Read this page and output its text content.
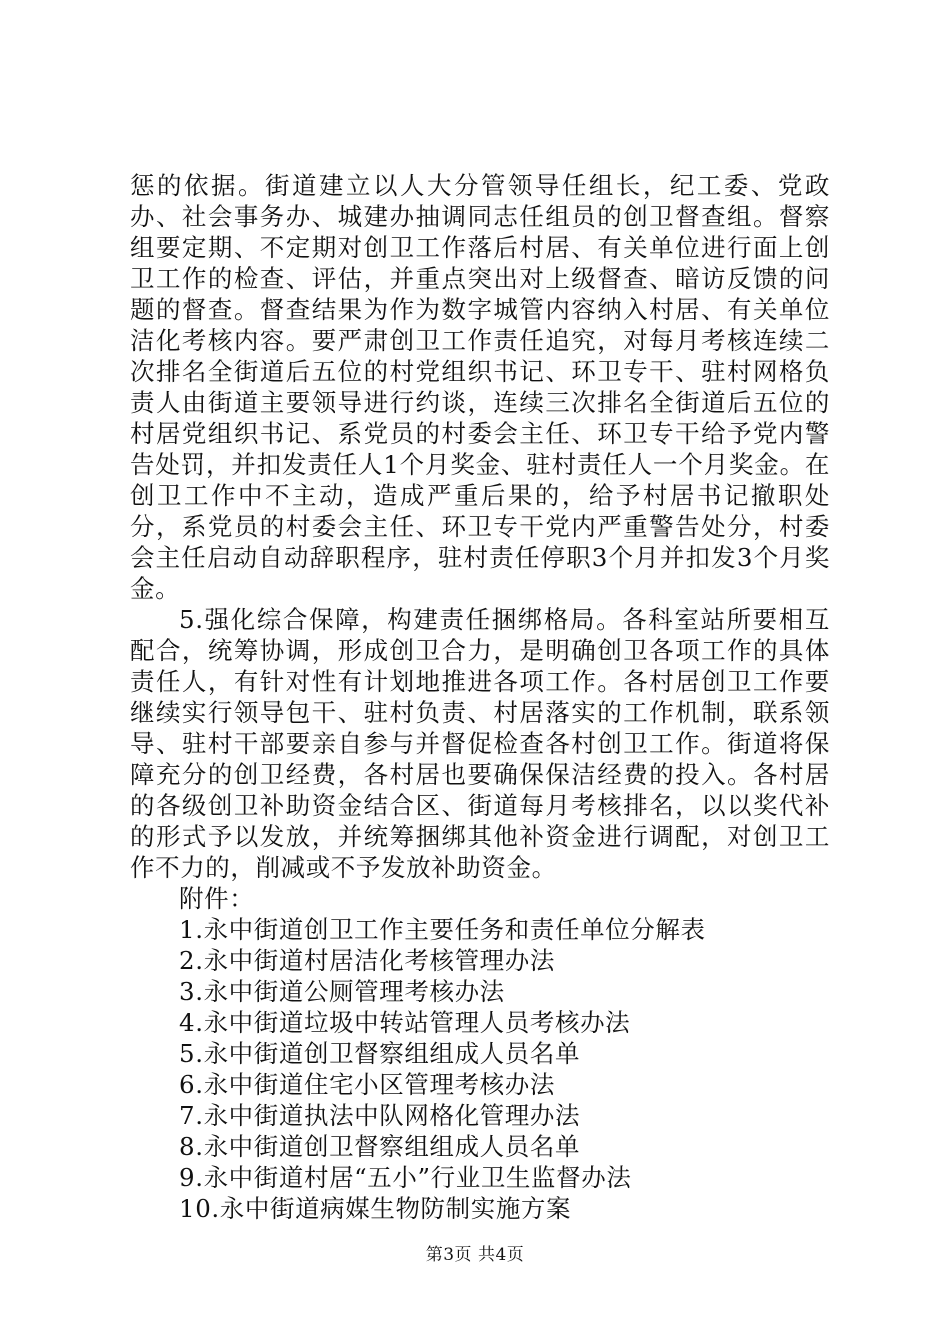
惩的依据。街道建立以人大分管领导任组长，纪工委、党政办、社会事务办、城建办抽调同志任组员的创卫督查组。督察组要定期、不定期对创卫工作落后村居、有关单位进行面上创卫工作的检查、评估，并重点突出对上级督查、暗访反馈的问题的督查。督查结果为作为数字城管内容纳入村居、有关单位洁化考核内容。要严肃创卫工作责任追究，对每月考核连续二次排名全街道后五位的村党组织书记、环卫专干、驻村网格负责人由街道主要领导进行约谈，连续三次排名全街道后五位的村居党组织书记、系党员的村委会主任、环卫专干给予党内警告处罚，并扣发责任人1个月奖金、驻村责任人一个月奖金。在创卫工作中不主动，造成严重后果的，给予村居书记撤职处分，系党员的村委会主任、环卫专干党内严重警告处分，村委会主任启动自动辞职程序，驻村责任停职3个月并扣发3个月奖金。

5.强化综合保障，构建责任捆绑格局。各科室站所要相互配合，统筹协调，形成创卫合力，是明确创卫各项工作的具体责任人，有针对性有计划地推进各项工作。各村居创卫工作要继续实行领导包干、驻村负责、村居落实的工作机制，联系领导、驻村干部要亲自参与并督促检查各村创卫工作。街道将保障充分的创卫经费，各村居也要确保保洁经费的投入。各村居的各级创卫补助资金结合区、街道每月考核排名，以以奖代补的形式予以发放，并统筹捆绑其他补资金进行调配，对创卫工作不力的，削减或不予发放补助资金。

附件：

1.永中街道创卫工作主要任务和责任单位分解表
2.永中街道村居洁化考核管理办法
3.永中街道公厕管理考核办法
4.永中街道垃圾中转站管理人员考核办法
5.永中街道创卫督察组组成人员名单
6.永中街道住宅小区管理考核办法
7.永中街道执法中队网格化管理办法
8.永中街道创卫督察组组成人员名单
9.永中街道村居“五小”行业卫生监督办法
10.永中街道病媒生物防制实施方案
第3页 共4页
